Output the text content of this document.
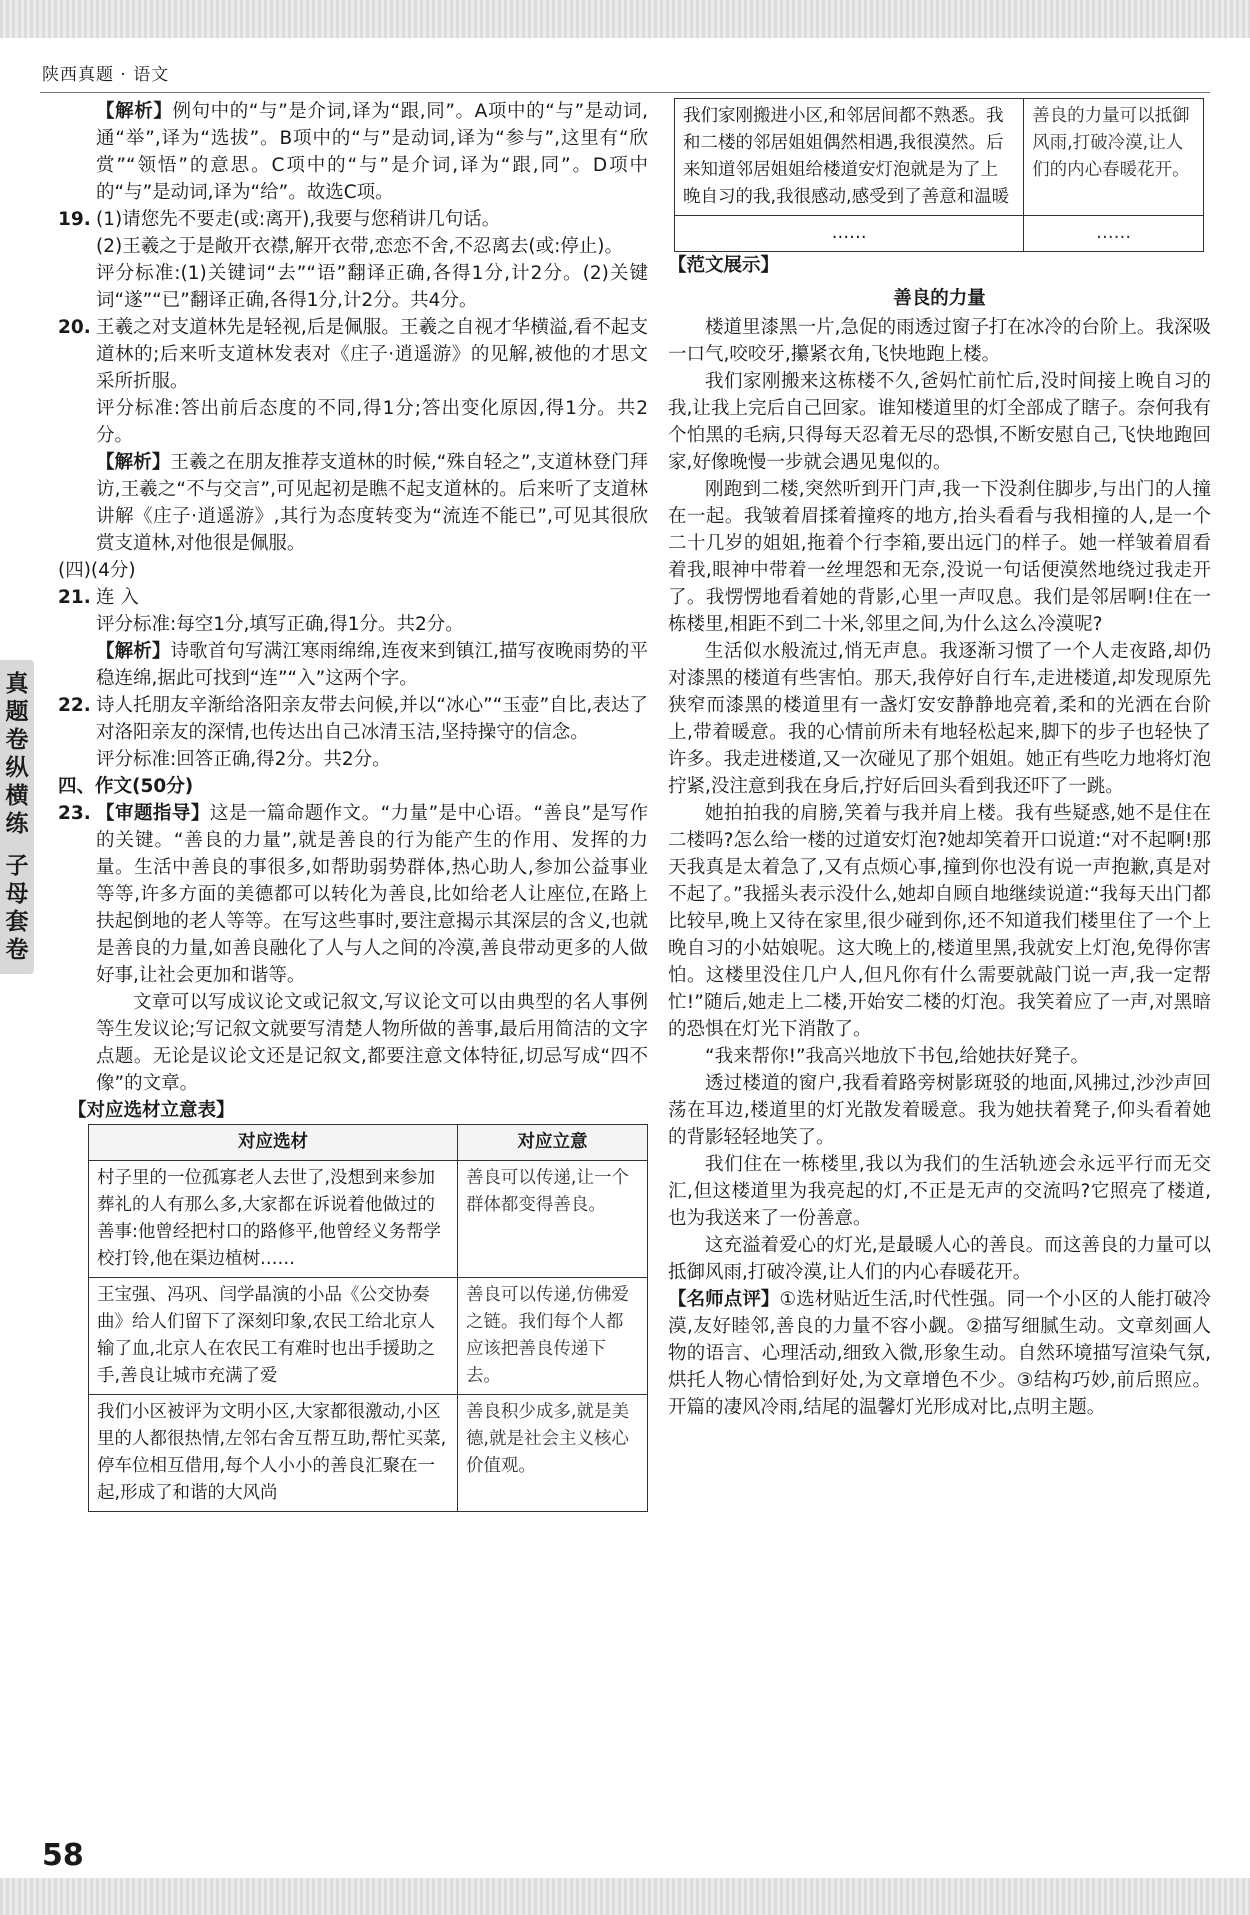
陕西真题 · 语文
真
题
卷
纵
横
练
子
母
套
卷

【解析】例句中的“与”是介词,译为“跟,同”。A项中的“与”是动词,通“举”,译为“选拔”。B项中的“与”是动词,译为“参与”,这里有“欣赏”“领悟”的意思。C项中的“与”是介词,译为“跟,同”。D项中的“与”是动词,译为“给”。故选C项。

19. (1)请您先不要走(或:离开),我要与您稍讲几句话。

(2)王羲之于是敞开衣襟,解开衣带,恋恋不舍,不忍离去(或:停止)。

评分标准:(1)关键词“去”“语”翻译正确,各得1分,计2分。(2)关键词“遂”“已”翻译正确,各得1分,计2分。共4分。

20. 王羲之对支道林先是轻视,后是佩服。王羲之自视才华横溢,看不起支道林的;后来听支道林发表对《庄子·逍遥游》的见解,被他的才思文采所折服。

评分标准:答出前后态度的不同,得1分;答出变化原因,得1分。共2分。

【解析】王羲之在朋友推荐支道林的时候,“殊自轻之”,支道林登门拜访,王羲之“不与交言”,可见起初是瞧不起支道林的。后来听了支道林讲解《庄子·逍遥游》,其行为态度转变为“流连不能已”,可见其很欣赏支道林,对他很是佩服。

(四)(4分)

21. 连 入

评分标准:每空1分,填写正确,得1分。共2分。

【解析】诗歌首句写满江寒雨绵绵,连夜来到镇江,描写夜晚雨势的平稳连绵,据此可找到“连”“入”这两个字。

22. 诗人托朋友辛渐给洛阳亲友带去问候,并以“冰心”“玉壶”自比,表达了对洛阳亲友的深情,也传达出自己冰清玉洁,坚持操守的信念。

评分标准:回答正确,得2分。共2分。

四、作文(50分)

23. 【审题指导】这是一篇命题作文。“力量”是中心语。“善良”是写作的关键。“善良的力量”,就是善良的行为能产生的作用、发挥的力量。生活中善良的事很多,如帮助弱势群体,热心助人,参加公益事业等等,许多方面的美德都可以转化为善良,比如给老人让座位,在路上扶起倒地的老人等等。在写这些事时,要注意揭示其深层的含义,也就是善良的力量,如善良融化了人与人之间的冷漠,善良带动更多的人做好事,让社会更加和谐等。

文章可以写成议论文或记叙文,写议论文可以由典型的名人事例等生发议论;写记叙文就要写清楚人物所做的善事,最后用简洁的文字点题。无论是议论文还是记叙文,都要注意文体特征,切忌写成“四不像”的文章。

【对应选材立意表】

对应选材	对应立意
村子里的一位孤寡老人去世了,没想到来参加葬礼的人有那么多,大家都在诉说着他做过的善事:他曾经把村口的路修平,他曾经义务帮学校打铃,他在渠边植树……	善良可以传递,让一个群体都变得善良。
王宝强、冯巩、闫学晶演的小品《公交协奏曲》给人们留下了深刻印象,农民工给北京人输了血,北京人在农民工有难时也出手援助之手,善良让城市充满了爱	善良可以传递,仿佛爱之链。我们每个人都应该把善良传递下去。
我们小区被评为文明小区,大家都很激动,小区里的人都很热情,左邻右舍互帮互助,帮忙买菜,停车位相互借用,每个人小小的善良汇聚在一起,形成了和谐的大风尚	善良积少成多,就是美德,就是社会主义核心价值观。
我们家刚搬进小区,和邻居间都不熟悉。我和二楼的邻居姐姐偶然相遇,我很漠然。后来知道邻居姐姐给楼道安灯泡就是为了上晚自习的我,我很感动,感受到了善意和温暖	善良的力量可以抵御风雨,打破冷漠,让人们的内心春暖花开。
……	……

【范文展示】

善良的力量

楼道里漆黑一片,急促的雨透过窗子打在冰冷的台阶上。我深吸一口气,咬咬牙,攥紧衣角,飞快地跑上楼。

我们家刚搬来这栋楼不久,爸妈忙前忙后,没时间接上晚自习的我,让我上完后自己回家。谁知楼道里的灯全部成了瞎子。奈何我有个怕黑的毛病,只得每天忍着无尽的恐惧,不断安慰自己,飞快地跑回家,好像晚慢一步就会遇见鬼似的。

刚跑到二楼,突然听到开门声,我一下没刹住脚步,与出门的人撞在一起。我皱着眉揉着撞疼的地方,抬头看看与我相撞的人,是一个二十几岁的姐姐,拖着个行李箱,要出远门的样子。她一样皱着眉看着我,眼神中带着一丝埋怨和无奈,没说一句话便漠然地绕过我走开了。我愣愣地看着她的背影,心里一声叹息。我们是邻居啊!住在一栋楼里,相距不到二十米,邻里之间,为什么这么冷漠呢?

生活似水般流过,悄无声息。我逐渐习惯了一个人走夜路,却仍对漆黑的楼道有些害怕。那天,我停好自行车,走进楼道,却发现原先狭窄而漆黑的楼道里有一盏灯安安静静地亮着,柔和的光洒在台阶上,带着暖意。我的心情前所未有地轻松起来,脚下的步子也轻快了许多。我走进楼道,又一次碰见了那个姐姐。她正有些吃力地将灯泡拧紧,没注意到我在身后,拧好后回头看到我还吓了一跳。

她拍拍我的肩膀,笑着与我并肩上楼。我有些疑惑,她不是住在二楼吗?怎么给一楼的过道安灯泡?她却笑着开口说道:“对不起啊!那天我真是太着急了,又有点烦心事,撞到你也没有说一声抱歉,真是对不起了。”我摇头表示没什么,她却自顾自地继续说道:“我每天出门都比较早,晚上又待在家里,很少碰到你,还不知道我们楼里住了一个上晚自习的小姑娘呢。这大晚上的,楼道里黑,我就安上灯泡,免得你害怕。这楼里没住几户人,但凡你有什么需要就敲门说一声,我一定帮忙!”随后,她走上二楼,开始安二楼的灯泡。我笑着应了一声,对黑暗的恐惧在灯光下消散了。

“我来帮你!”我高兴地放下书包,给她扶好凳子。

透过楼道的窗户,我看着路旁树影斑驳的地面,风拂过,沙沙声回荡在耳边,楼道里的灯光散发着暖意。我为她扶着凳子,仰头看着她的背影轻轻地笑了。

我们住在一栋楼里,我以为我们的生活轨迹会永远平行而无交汇,但这楼道里为我亮起的灯,不正是无声的交流吗?它照亮了楼道,也为我送来了一份善意。

这充溢着爱心的灯光,是最暖人心的善良。而这善良的力量可以抵御风雨,打破冷漠,让人们的内心春暖花开。

【名师点评】①选材贴近生活,时代性强。同一个小区的人能打破冷漠,友好睦邻,善良的力量不容小觑。②描写细腻生动。文章刻画人物的语言、心理活动,细致入微,形象生动。自然环境描写渲染气氛,烘托人物心情恰到好处,为文章增色不少。③结构巧妙,前后照应。开篇的凄风冷雨,结尾的温馨灯光形成对比,点明主题。

58
